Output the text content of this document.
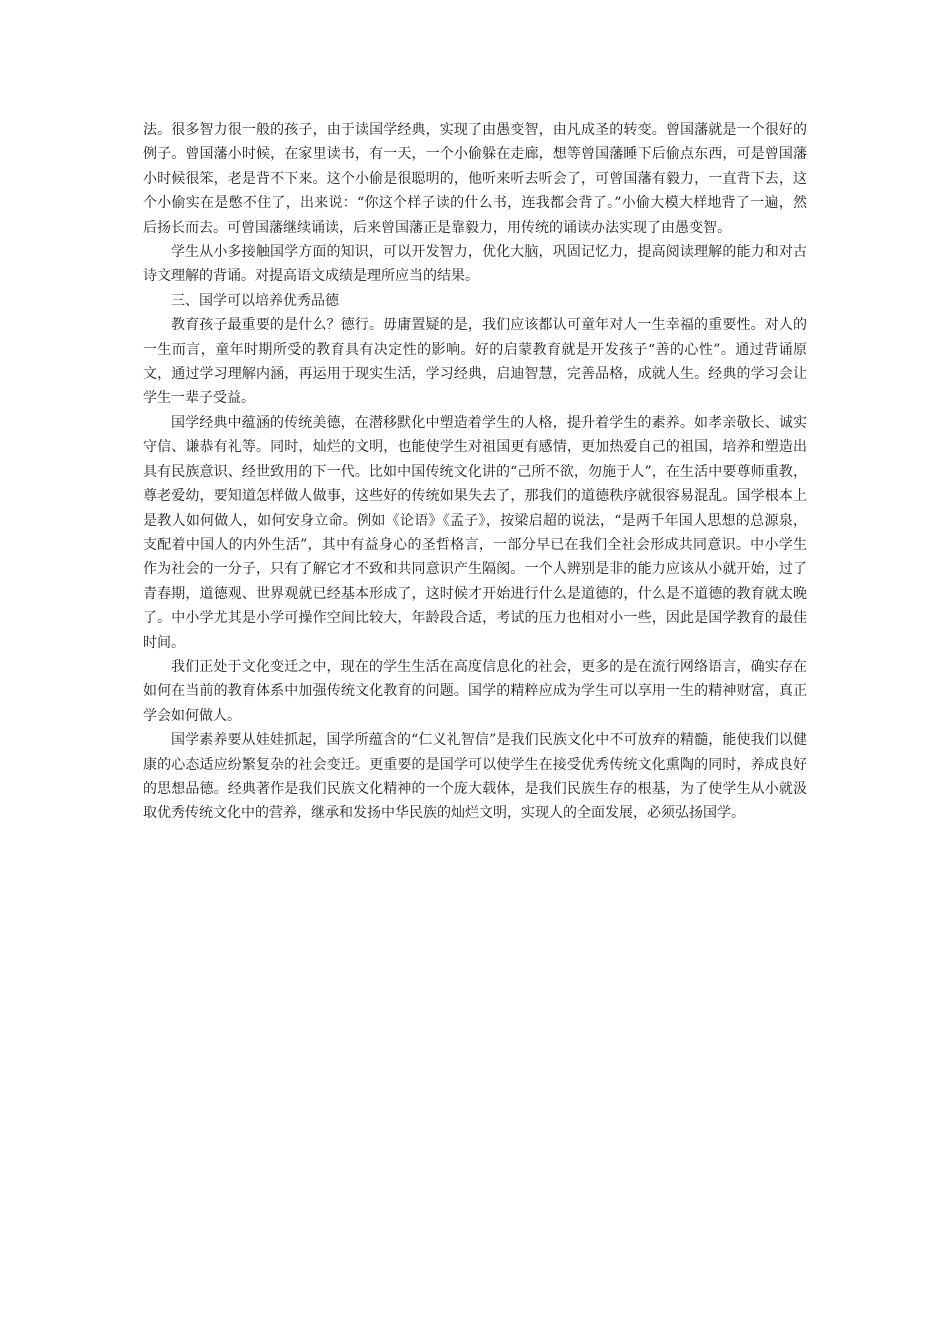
法。很多智力很一般的孩子，由于读国学经典，实现了由愚变智，由凡成圣的转变。曾国藩就是一个很好的例子。曾国藩小时候，在家里读书，有一天，一个小偷躲在走廊，想等曾国藩睡下后偷点东西，可是曾国藩小时候很笨，老是背不下来。这个小偷是很聪明的，他听来听去听会了，可曾国藩有毅力，一直背下去，这个小偷实在是憋不住了，出来说：“你这个样子读的什么书，连我都会背了。”小偷大模大样地背了一遍，然后扬长而去。可曾国藩继续诵读，后来曾国藩正是靠毅力，用传统的诵读办法实现了由愚变智。

学生从小多接触国学方面的知识，可以开发智力，优化大脑，巩固记忆力，提高阅读理解的能力和对古诗文理解的背诵。对提高语文成绩是理所应当的结果。

三、国学可以培养优秀品德

教育孩子最重要的是什么？德行。毋庸置疑的是，我们应该都认可童年对人一生幸福的重要性。对人的一生而言，童年时期所受的教育具有决定性的影响。好的启蒙教育就是开发孩子“善的心性”。通过背诵原文，通过学习理解内涵，再运用于现实生活，学习经典，启迪智慧，完善品格，成就人生。经典的学习会让学生一辈子受益。

国学经典中蕴涵的传统美德，在潜移默化中塑造着学生的人格，提升着学生的素养。如孝亲敬长、诚实守信、谦恭有礼等。同时，灿烂的文明，也能使学生对祖国更有感情，更加热爱自己的祖国，培养和塑造出具有民族意识、经世致用的下一代。比如中国传统文化讲的“己所不欲，勿施于人”，在生活中要尊师重教，尊老爱幼，要知道怎样做人做事，这些好的传统如果失去了，那我们的道德秩序就很容易混乱。国学根本上是教人如何做人，如何安身立命。例如《论语》《孟子》，按梁启超的说法，“是两千年国人思想的总源泉，支配着中国人的内外生活”，其中有益身心的圣哲格言，一部分早已在我们全社会形成共同意识。中小学生作为社会的一分子，只有了解它才不致和共同意识产生隔阂。一个人辨别是非的能力应该从小就开始，过了青春期，道德观、世界观就已经基本形成了，这时候才开始进行什么是道德的，什么是不道德的教育就太晚了。中小学尤其是小学可操作空间比较大，年龄段合适，考试的压力也相对小一些，因此是国学教育的最佳时间。

我们正处于文化变迁之中，现在的学生生活在高度信息化的社会，更多的是在流行网络语言，确实存在如何在当前的教育体系中加强传统文化教育的问题。国学的精粹应成为学生可以享用一生的精神财富，真正学会如何做人。

国学素养要从娃娃抓起，国学所蕴含的“仁义礼智信”是我们民族文化中不可放弃的精髓，能使我们以健康的心态适应纷繁复杂的社会变迁。更重要的是国学可以使学生在接受优秀传统文化熏陶的同时，养成良好的思想品德。经典著作是我们民族文化精神的一个庞大载体，是我们民族生存的根基，为了使学生从小就汲取优秀传统文化中的营养，继承和发扬中华民族的灿烂文明，实现人的全面发展，必须弘扬国学。
